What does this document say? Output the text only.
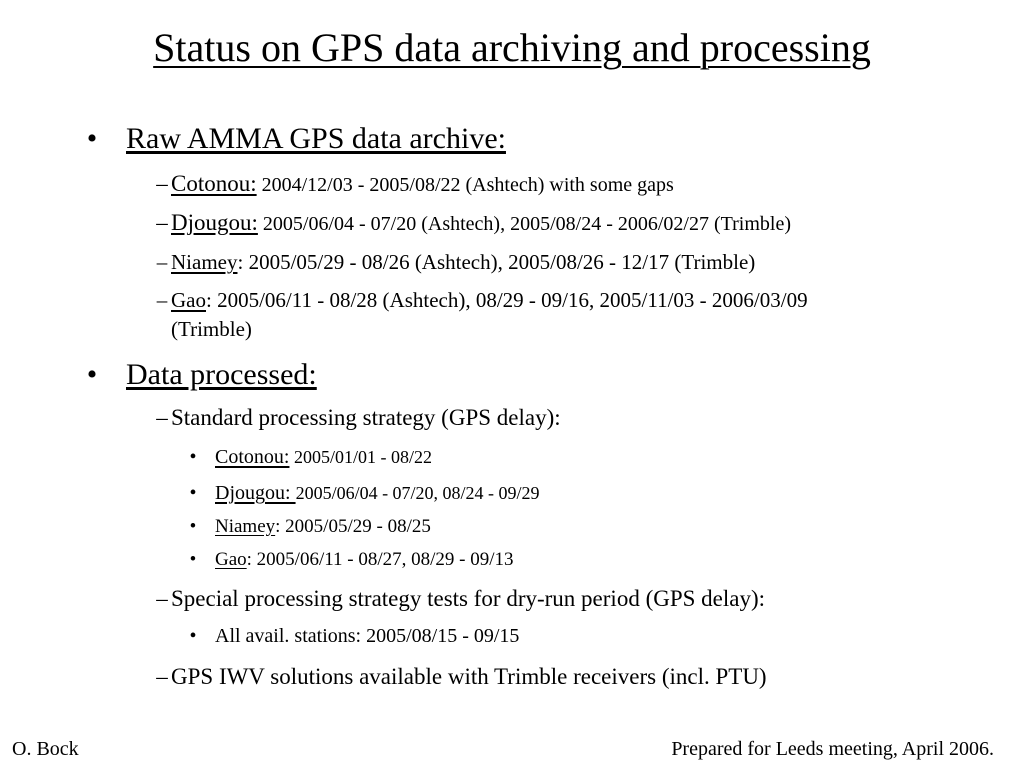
Status on GPS data archiving and processing
• Raw AMMA GPS data archive:
– Cotonou: 2004/12/03 - 2005/08/22 (Ashtech) with some gaps
– Djougou: 2005/06/04 - 07/20 (Ashtech), 2005/08/24 - 2006/02/27 (Trimble)
– Niamey: 2005/05/29 - 08/26 (Ashtech), 2005/08/26 - 12/17 (Trimble)
– Gao: 2005/06/11 - 08/28 (Ashtech), 08/29 - 09/16, 2005/11/03 - 2006/03/09
(Trimble)
• Data processed:
– Standard processing strategy (GPS delay):
• Cotonou: 2005/01/01 - 08/22
• Djougou: 2005/06/04 - 07/20, 08/24 - 09/29
• Niamey: 2005/05/29 - 08/25
• Gao: 2005/06/11 - 08/27, 08/29 - 09/13
– Special processing strategy tests for dry-run period (GPS delay):
• All avail. stations: 2005/08/15 - 09/15
– GPS IWV solutions available with Trimble receivers (incl. PTU)
O. Bock	Prepared for Leeds meeting, April 2006.
